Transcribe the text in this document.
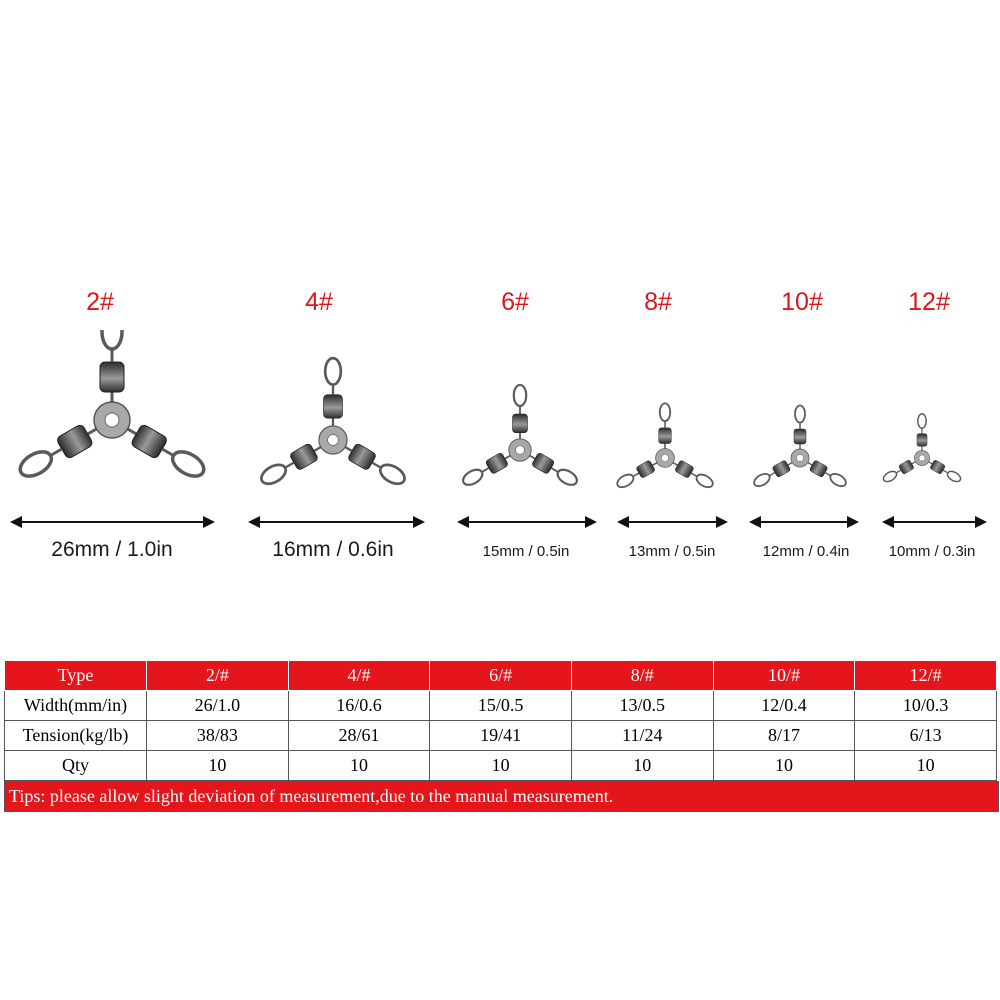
2#	4#	6#	8#	10#	12#
26mm / 1.0in	16mm / 0.6in	15mm / 0.5in	13mm / 0.5in	12mm / 0.4in	10mm / 0.3in
Type	2/#	4/#	6/#	8/#	10/#	12/#
Width(mm/in)	26/1.0	16/0.6	15/0.5	13/0.5	12/0.4	10/0.3
Tension(kg/lb)	38/83	28/61	19/41	11/24	8/17	6/13
Qty	10	10	10	10	10	10
Tips: please allow slight deviation of measurement,due to the manual measurement.
